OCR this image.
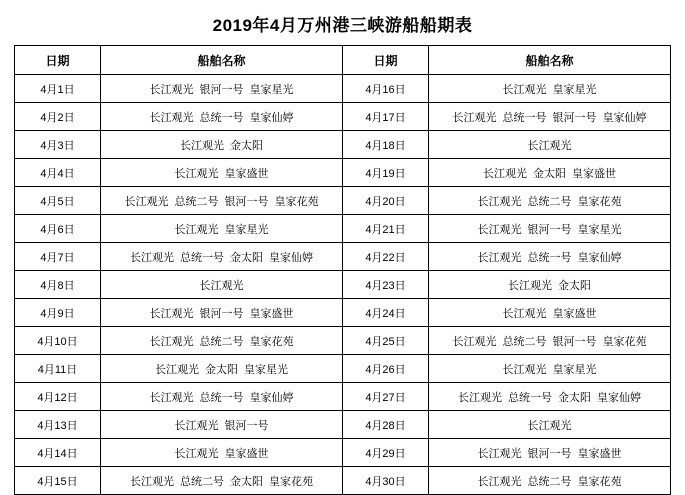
2019年4月万州港三峡游船船期表
日期	船舶名称	日期	船舶名称
4月1日	长江观光 银河一号 皇家星光	4月16日	长江观光 皇家星光
4月2日	长江观光 总统一号 皇家仙婷	4月17日	长江观光 总统一号 银河一号 皇家仙婷
4月3日	长江观光 金太阳	4月18日	长江观光
4月4日	长江观光 皇家盛世	4月19日	长江观光 金太阳 皇家盛世
4月5日	长江观光 总统二号 银河一号 皇家花苑	4月20日	长江观光 总统二号 皇家花苑
4月6日	长江观光 皇家星光	4月21日	长江观光 银河一号 皇家星光
4月7日	长江观光 总统一号 金太阳 皇家仙婷	4月22日	长江观光 总统一号 皇家仙婷
4月8日	长江观光	4月23日	长江观光 金太阳
4月9日	长江观光 银河一号 皇家盛世	4月24日	长江观光 皇家盛世
4月10日	长江观光 总统二号 皇家花苑	4月25日	长江观光 总统二号 银河一号 皇家花苑
4月11日	长江观光 金太阳 皇家星光	4月26日	长江观光 皇家星光
4月12日	长江观光 总统一号 皇家仙婷	4月27日	长江观光 总统一号 金太阳 皇家仙婷
4月13日	长江观光 银河一号	4月28日	长江观光
4月14日	长江观光 皇家盛世	4月29日	长江观光 银河一号 皇家盛世
4月15日	长江观光 总统二号 金太阳 皇家花苑	4月30日	长江观光 总统二号 皇家花苑
